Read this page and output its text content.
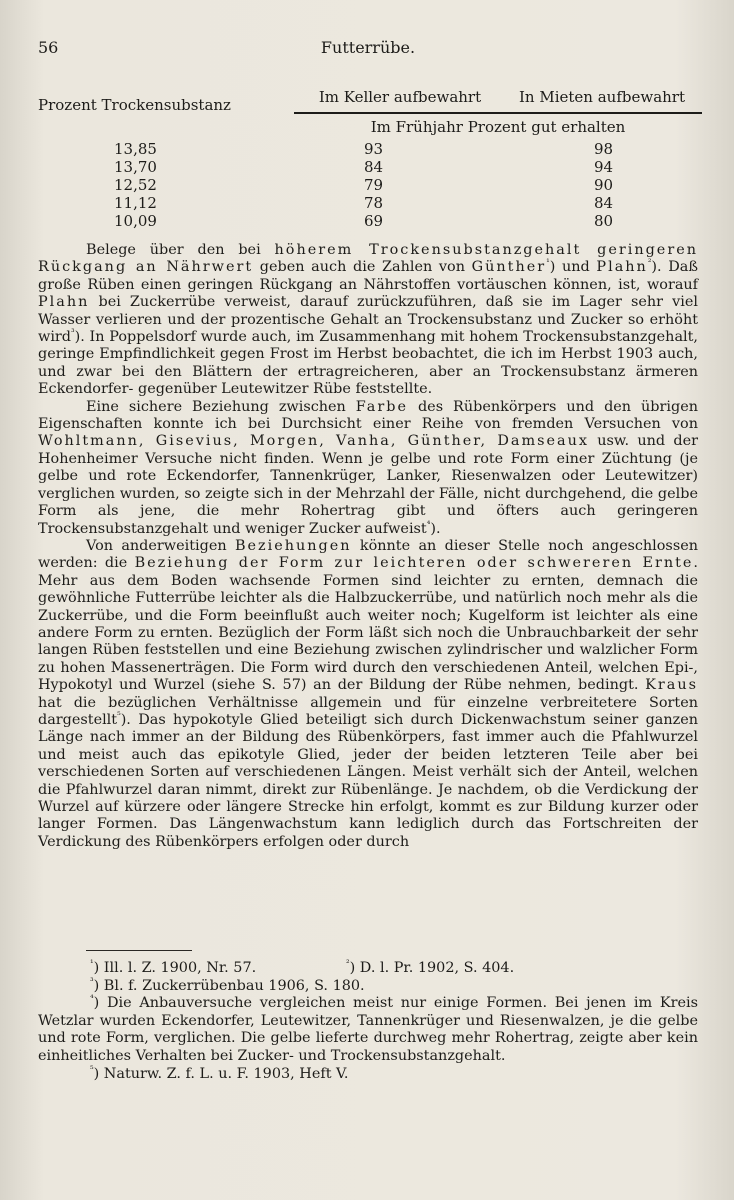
56	Futterrübe.
Prozent Trockensubstanz	Im Keller aufbewahrt	In Mieten aufbewahrt
Im Frühjahr Prozent gut erhalten
13,85	93	98
13,70	84	94
12,52	79	90
11,12	78	84
10,09	69	80

Belege über den bei höherem Trockensubstanzgehalt geringeren Rückgang an Nährwert geben auch die Zahlen von Günther$^{^1}$) und Plahn$^{^2}$). Daß große Rüben einen geringen Rückgang an Nährstoffen vortäuschen können, ist, worauf Plahn bei Zuckerrübe verweist, darauf zurückzuführen, daß sie im Lager sehr viel Wasser verlieren und der prozentische Gehalt an Trockensubstanz und Zucker so erhöht wird$^{^3}$). In Poppelsdorf wurde auch, im Zusammenhang mit hohem Trockensubstanzgehalt, geringe Empfindlichkeit gegen Frost im Herbst beobachtet, die ich im Herbst 1903 auch, und zwar bei den Blättern der ertragreicheren, aber an Trockensubstanz ärmeren Eckendorfer- gegenüber Leutewitzer Rübe feststellte.

Eine sichere Beziehung zwischen Farbe des Rübenkörpers und den übrigen Eigenschaften konnte ich bei Durchsicht einer Reihe von fremden Versuchen von Wohltmann, Gisevius, Morgen, Vanha, Günther, Damseaux usw. und der Hohenheimer Versuche nicht finden. Wenn je gelbe und rote Form einer Züchtung (je gelbe und rote Eckendorfer, Tannenkrüger, Lanker, Riesenwalzen oder Leutewitzer) verglichen wurden, so zeigte sich in der Mehrzahl der Fälle, nicht durchgehend, die gelbe Form als jene, die mehr Rohertrag gibt und öfters auch geringeren Trockensubstanzgehalt und weniger Zucker aufweist$^{^4}$).

Von anderweitigen Beziehungen könnte an dieser Stelle noch angeschlossen werden: die Beziehung der Form zur leichteren oder schwereren Ernte. Mehr aus dem Boden wachsende Formen sind leichter zu ernten, demnach die gewöhnliche Futterrübe leichter als die Halbzuckerrübe, und natürlich noch mehr als die Zuckerrübe, und die Form beeinflußt auch weiter noch; Kugelform ist leichter als eine andere Form zu ernten. Bezüglich der Form läßt sich noch die Unbrauchbarkeit der sehr langen Rüben feststellen und eine Beziehung zwischen zylindrischer und walzlicher Form zu hohen Massenerträgen. Die Form wird durch den verschiedenen Anteil, welchen Epi-, Hypokotyl und Wurzel (siehe S. 57) an der Bildung der Rübe nehmen, bedingt. Kraus hat die bezüglichen Verhältnisse allgemein und für einzelne verbreitetere Sorten dargestellt$^{^5}$). Das hypokotyle Glied beteiligt sich durch Dickenwachstum seiner ganzen Länge nach immer an der Bildung des Rübenkörpers, fast immer auch die Pfahlwurzel und meist auch das epikotyle Glied, jeder der beiden letzteren Teile aber bei verschiedenen Sorten auf verschiedenen Längen. Meist verhält sich der Anteil, welchen die Pfahlwurzel daran nimmt, direkt zur Rübenlänge. Je nachdem, ob die Verdickung der Wurzel auf kürzere oder längere Strecke hin erfolgt, kommt es zur Bildung kurzer oder langer Formen. Das Längenwachstum kann lediglich durch das Fortschreiten der Verdickung des Rübenkörpers erfolgen oder durch

$^{^1}$) Ill. l. Z. 1900, Nr. 57.	$^{^2}$) D. l. Pr. 1902, S. 404.
$^{^3}$) Bl. f. Zuckerrübenbau 1906, S. 180.

$^{^4}$) Die Anbauversuche vergleichen meist nur einige Formen. Bei jenen im Kreis Wetzlar wurden Eckendorfer, Leutewitzer, Tannenkrüger und Riesenwalzen, je die gelbe und rote Form, verglichen. Die gelbe lieferte durchweg mehr Rohertrag, zeigte aber kein einheitliches Verhalten bei Zucker- und Trockensubstanzgehalt.

$^{^5}$) Naturw. Z. f. L. u. F. 1903, Heft V.
